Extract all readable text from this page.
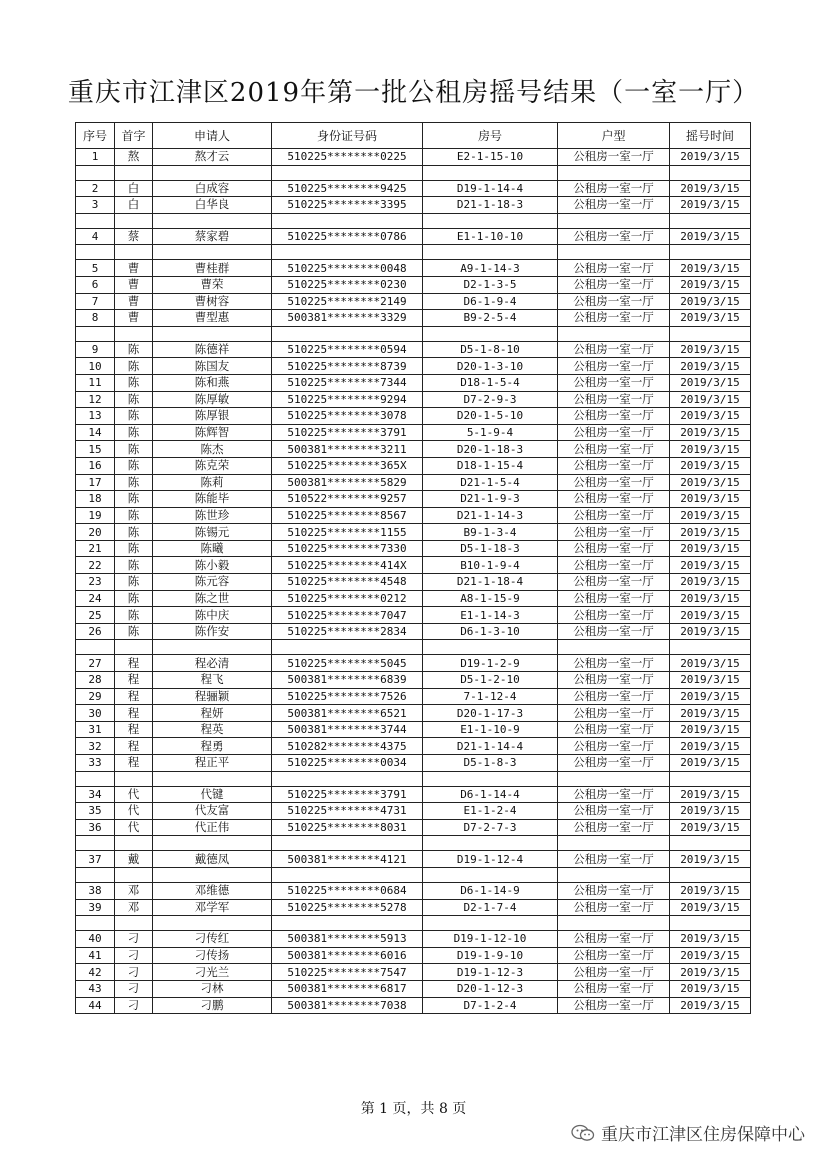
重庆市江津区2019年第一批公租房摇号结果（一室一厅）
序号	首字	申请人	身份证号码	房号	户型	摇号时间
1	熬	熬才云	510225********0225	E2-1-15-10	公租房一室一厅	2019/3/15

2	白	白成容	510225********9425	D19-1-14-4	公租房一室一厅	2019/3/15
3	白	白华良	510225********3395	D21-1-18-3	公租房一室一厅	2019/3/15

4	蔡	蔡家碧	510225********0786	E1-1-10-10	公租房一室一厅	2019/3/15

5	曹	曹桂群	510225********0048	A9-1-14-3	公租房一室一厅	2019/3/15
6	曹	曹荣	510225********0230	D2-1-3-5	公租房一室一厅	2019/3/15
7	曹	曹树容	510225********2149	D6-1-9-4	公租房一室一厅	2019/3/15
8	曹	曹型惠	500381********3329	B9-2-5-4	公租房一室一厅	2019/3/15

9	陈	陈德祥	510225********0594	D5-1-8-10	公租房一室一厅	2019/3/15
10	陈	陈国友	510225********8739	D20-1-3-10	公租房一室一厅	2019/3/15
11	陈	陈和燕	510225********7344	D18-1-5-4	公租房一室一厅	2019/3/15
12	陈	陈厚敏	510225********9294	D7-2-9-3	公租房一室一厅	2019/3/15
13	陈	陈厚银	510225********3078	D20-1-5-10	公租房一室一厅	2019/3/15
14	陈	陈辉智	510225********3791	5-1-9-4	公租房一室一厅	2019/3/15
15	陈	陈杰	500381********3211	D20-1-18-3	公租房一室一厅	2019/3/15
16	陈	陈克荣	510225********365X	D18-1-15-4	公租房一室一厅	2019/3/15
17	陈	陈莉	500381********5829	D21-1-5-4	公租房一室一厅	2019/3/15
18	陈	陈能毕	510522********9257	D21-1-9-3	公租房一室一厅	2019/3/15
19	陈	陈世珍	510225********8567	D21-1-14-3	公租房一室一厅	2019/3/15
20	陈	陈锡元	510225********1155	B9-1-3-4	公租房一室一厅	2019/3/15
21	陈	陈曦	510225********7330	D5-1-18-3	公租房一室一厅	2019/3/15
22	陈	陈小毅	510225********414X	B10-1-9-4	公租房一室一厅	2019/3/15
23	陈	陈元容	510225********4548	D21-1-18-4	公租房一室一厅	2019/3/15
24	陈	陈之世	510225********0212	A8-1-15-9	公租房一室一厅	2019/3/15
25	陈	陈中庆	510225********7047	E1-1-14-3	公租房一室一厅	2019/3/15
26	陈	陈作安	510225********2834	D6-1-3-10	公租房一室一厅	2019/3/15

27	程	程必清	510225********5045	D19-1-2-9	公租房一室一厅	2019/3/15
28	程	程飞	500381********6839	D5-1-2-10	公租房一室一厅	2019/3/15
29	程	程骊颖	510225********7526	7-1-12-4	公租房一室一厅	2019/3/15
30	程	程妍	500381********6521	D20-1-17-3	公租房一室一厅	2019/3/15
31	程	程英	500381********3744	E1-1-10-9	公租房一室一厅	2019/3/15
32	程	程勇	510282********4375	D21-1-14-4	公租房一室一厅	2019/3/15
33	程	程正平	510225********0034	D5-1-8-3	公租房一室一厅	2019/3/15

34	代	代键	510225********3791	D6-1-14-4	公租房一室一厅	2019/3/15
35	代	代友富	510225********4731	E1-1-2-4	公租房一室一厅	2019/3/15
36	代	代正伟	510225********8031	D7-2-7-3	公租房一室一厅	2019/3/15

37	戴	戴德凤	500381********4121	D19-1-12-4	公租房一室一厅	2019/3/15

38	邓	邓维德	510225********0684	D6-1-14-9	公租房一室一厅	2019/3/15
39	邓	邓学军	510225********5278	D2-1-7-4	公租房一室一厅	2019/3/15

40	刁	刁传红	500381********5913	D19-1-12-10	公租房一室一厅	2019/3/15
41	刁	刁传扬	500381********6016	D19-1-9-10	公租房一室一厅	2019/3/15
42	刁	刁光兰	510225********7547	D19-1-12-3	公租房一室一厅	2019/3/15
43	刁	刁林	500381********6817	D20-1-12-3	公租房一室一厅	2019/3/15
44	刁	刁鹏	500381********7038	D7-1-2-4	公租房一室一厅	2019/3/15
第 1 页，共 8 页
重庆市江津区住房保障中心
